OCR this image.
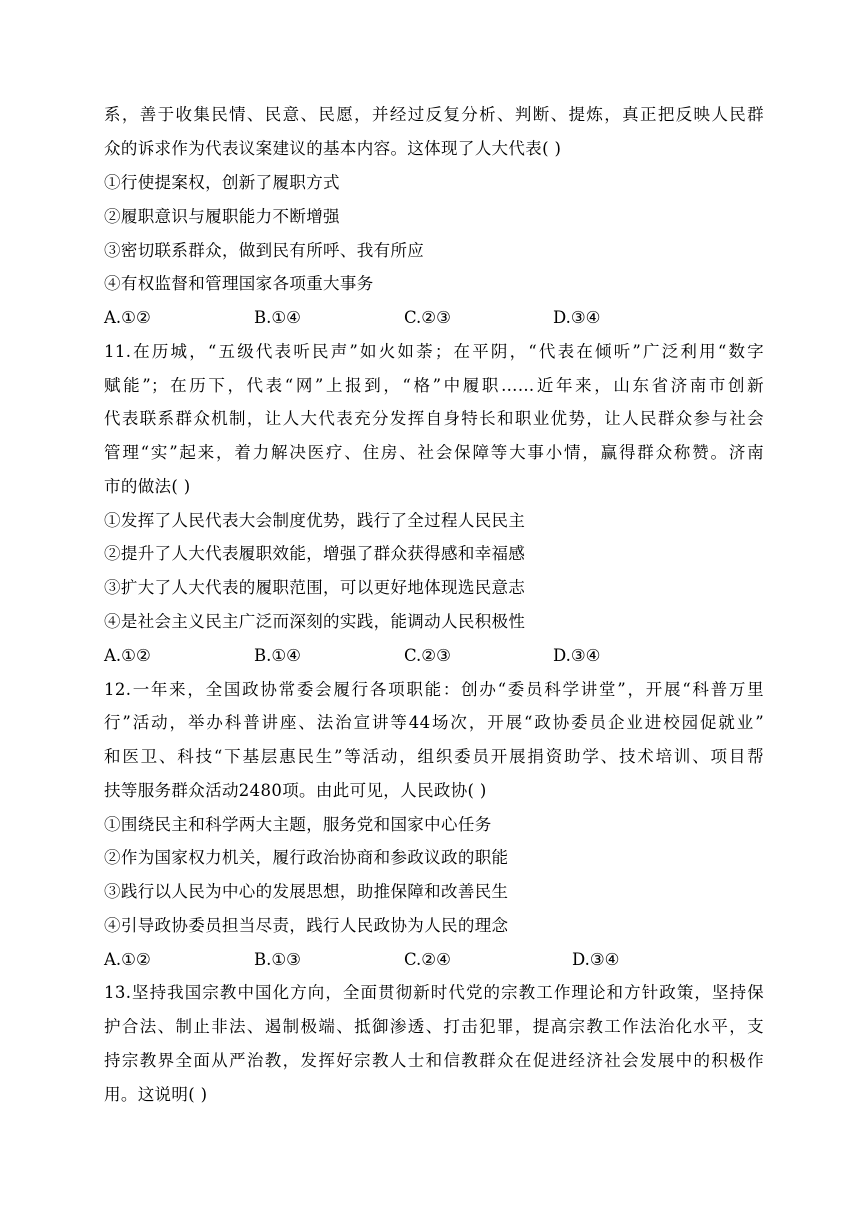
系，善于收集民情、民意、民愿，并经过反复分析、判断、提炼，真正把反映人民群
众的诉求作为代表议案建议的基本内容。这体现了人大代表( )
①行使提案权，创新了履职方式
②履职意识与履职能力不断增强
③密切联系群众，做到民有所呼、我有所应
④有权监督和管理国家各项重大事务
A.①②	B.①④	C.②③	D.③④
11.在历城，“五级代表听民声”如火如荼；在平阴，“代表在倾听”广泛利用“数字
赋能”；在历下，代表“网”上报到，“格”中履职……近年来，山东省济南市创新
代表联系群众机制，让人大代表充分发挥自身特长和职业优势，让人民群众参与社会
管理“实”起来，着力解决医疗、住房、社会保障等大事小情，赢得群众称赞。济南
市的做法( )
①发挥了人民代表大会制度优势，践行了全过程人民民主
②提升了人大代表履职效能，增强了群众获得感和幸福感
③扩大了人大代表的履职范围，可以更好地体现选民意志
④是社会主义民主广泛而深刻的实践，能调动人民积极性
A.①②	B.①④	C.②③	D.③④
12.一年来，全国政协常委会履行各项职能：创办“委员科学讲堂”，开展“科普万里
行”活动，举办科普讲座、法治宣讲等44场次，开展“政协委员企业进校园促就业”
和医卫、科技“下基层惠民生”等活动，组织委员开展捐资助学、技术培训、项目帮
扶等服务群众活动2480项。由此可见，人民政协( )
①围绕民主和科学两大主题，服务党和国家中心任务
②作为国家权力机关，履行政治协商和参政议政的职能
③践行以人民为中心的发展思想，助推保障和改善民生
④引导政协委员担当尽责，践行人民政协为人民的理念
A.①②	B.①③	C.②④	D.③④
13.坚持我国宗教中国化方向，全面贯彻新时代党的宗教工作理论和方针政策，坚持保
护合法、制止非法、遏制极端、抵御渗透、打击犯罪，提高宗教工作法治化水平，支
持宗教界全面从严治教，发挥好宗教人士和信教群众在促进经济社会发展中的积极作
用。这说明( )
